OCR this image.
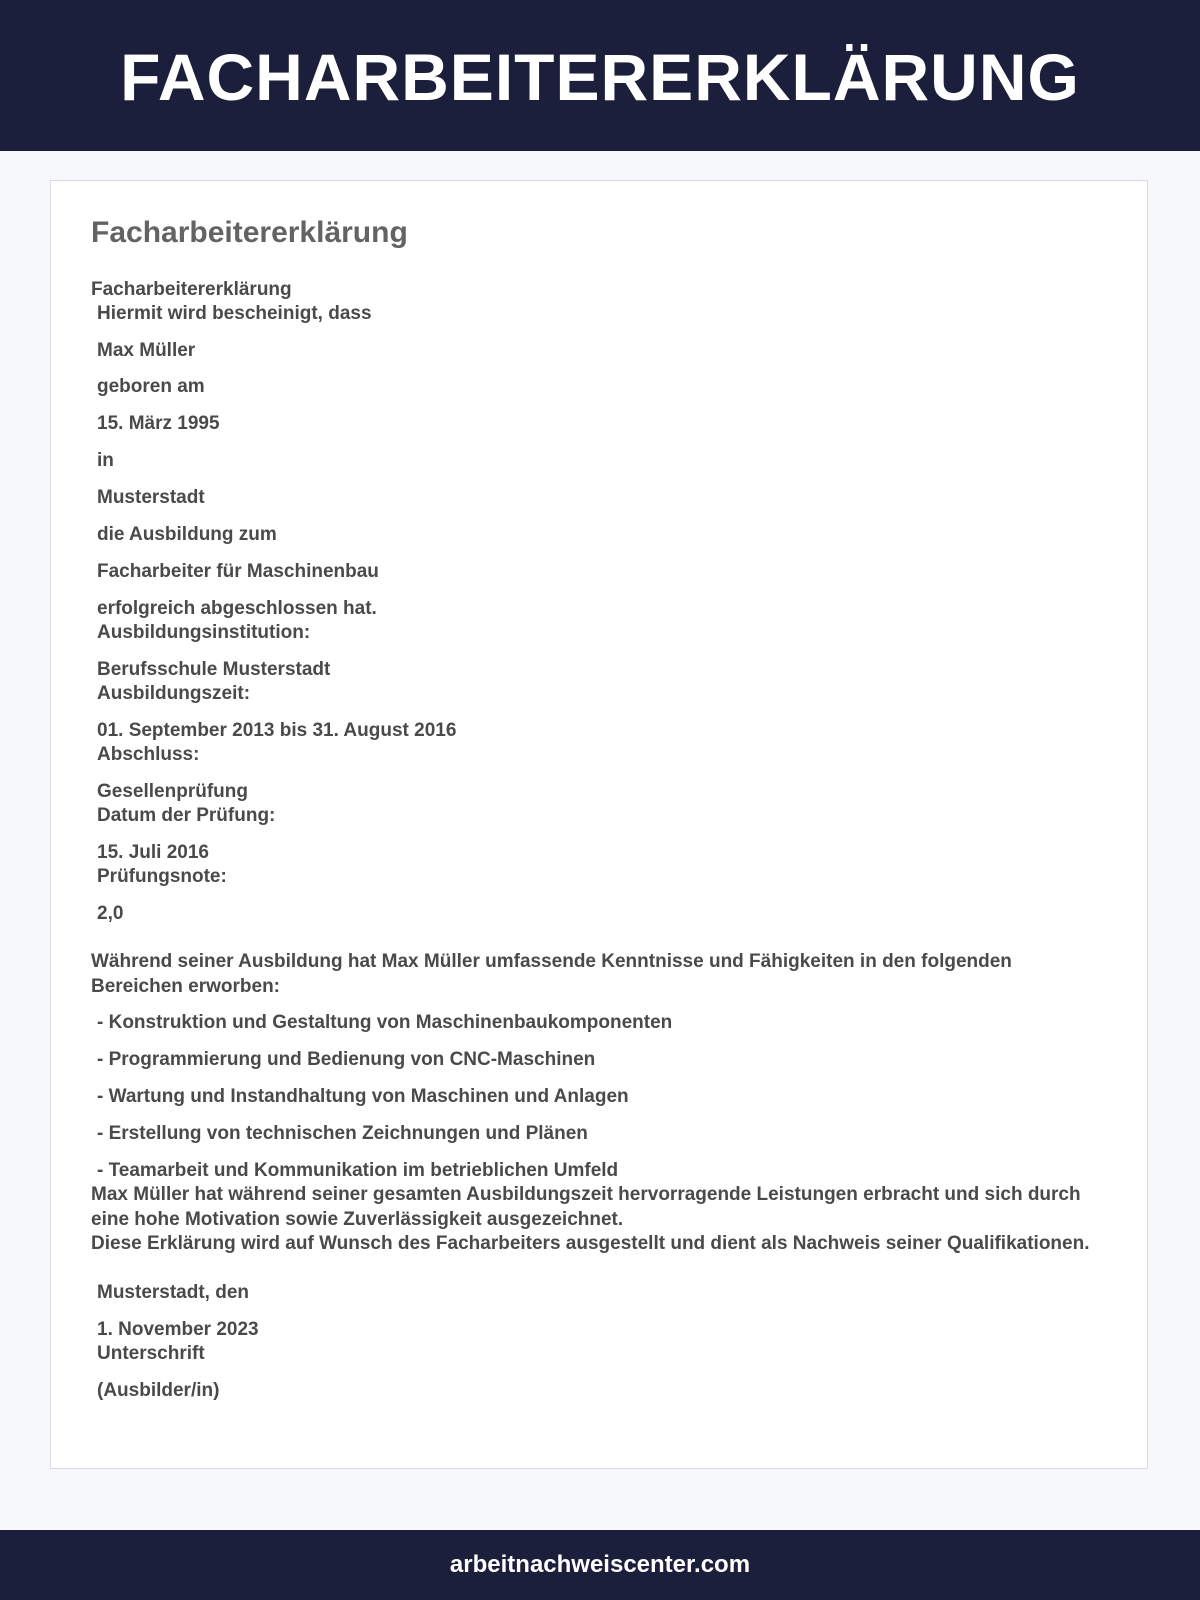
FACHARBEITERERKLÄRUNG
Facharbeitererklärung
Facharbeitererklärung
Hiermit wird bescheinigt, dass
Max Müller
geboren am
15. März 1995
in
Musterstadt
die Ausbildung zum
Facharbeiter für Maschinenbau
erfolgreich abgeschlossen hat.
Ausbildungsinstitution:
Berufsschule Musterstadt
Ausbildungszeit:
01. September 2013 bis 31. August 2016
Abschluss:
Gesellenprüfung
Datum der Prüfung:
15. Juli 2016
Prüfungsnote:
2,0
Während seiner Ausbildung hat Max Müller umfassende Kenntnisse und Fähigkeiten in den folgenden Bereichen erworben:
- Konstruktion und Gestaltung von Maschinenbaukomponenten
- Programmierung und Bedienung von CNC-Maschinen
- Wartung und Instandhaltung von Maschinen und Anlagen
- Erstellung von technischen Zeichnungen und Plänen
- Teamarbeit und Kommunikation im betrieblichen Umfeld
Max Müller hat während seiner gesamten Ausbildungszeit hervorragende Leistungen erbracht und sich durch eine hohe Motivation sowie Zuverlässigkeit ausgezeichnet.
Diese Erklärung wird auf Wunsch des Facharbeiters ausgestellt und dient als Nachweis seiner Qualifikationen.
Musterstadt, den
1. November 2023
Unterschrift
(Ausbilder/in)
arbeitnachweiscenter.com
